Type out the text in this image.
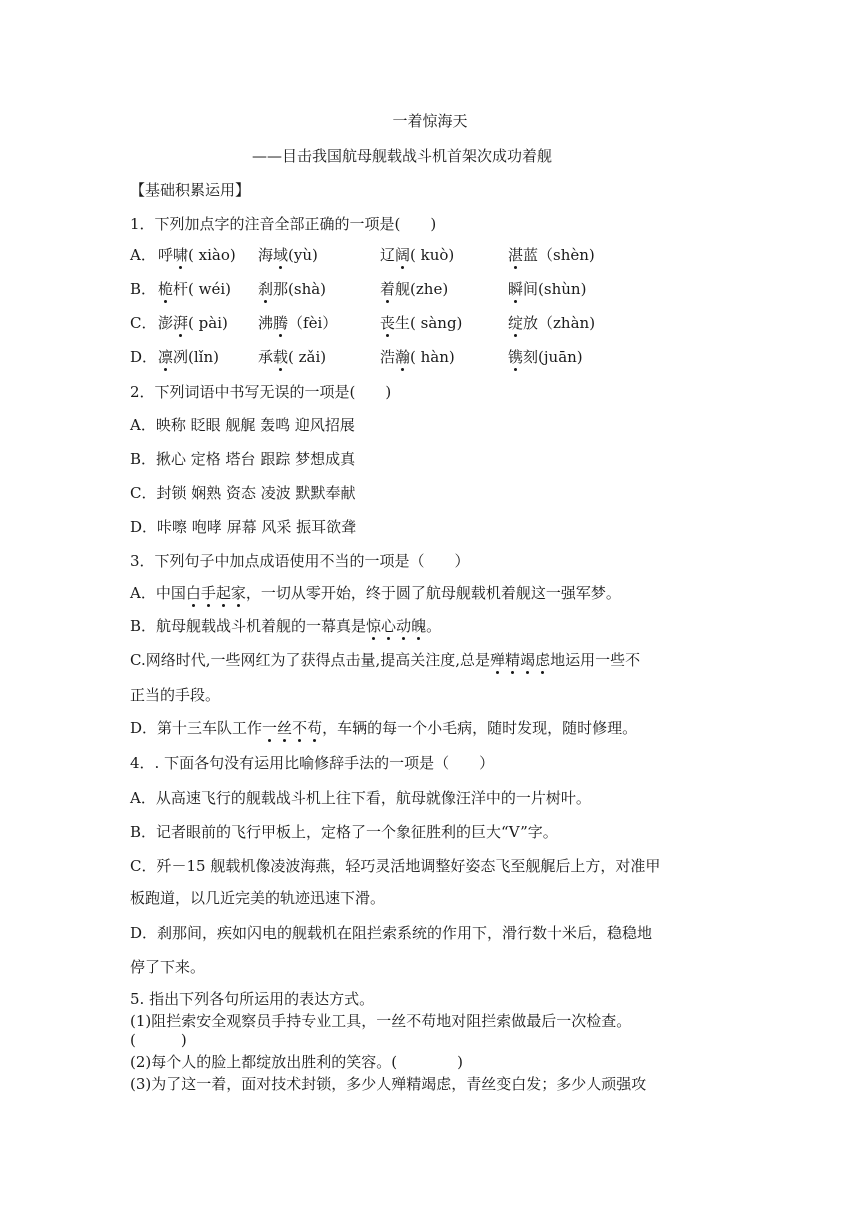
一着惊海天
——目击我国航母舰载战斗机首架次成功着舰
【基础积累运用】
1．下列加点字的注音全部正确的一项是(　　)
A． 呼啸( xiào) 海域(yù)	辽阔( kuò)	湛蓝（shèn)
B． 桅杆( wéi) 刹那(shà)	着舰(zhe)	瞬间(shùn)
C． 澎湃( pài) 沸腾（fèi）	丧生( sàng)	绽放（zhàn)
D． 凛冽(lǐn)	承载( zǎi)	浩瀚( hàn)	镌刻(juān)
2．下列词语中书写无误的一项是(　　)
A．映称 眨眼 舰艉 轰鸣 迎风招展
B．揪心 定格 塔台 跟踪 梦想成真
C．封锁 娴熟 资态 凌波 默默奉献
D．咔嚓 咆哮 屏幕 风采 振耳欲聋
3．下列句子中加点成语使用不当的一项是（　　）
A．中国白手起家，一切从零开始，终于圆了航母舰载机着舰这一强军梦。
B．航母舰载战斗机着舰的一幕真是惊心动魄。
C.网络时代,一些网红为了获得点击量,提高关注度,总是殚精竭虑地运用一些不
正当的手段。
D．第十三车队工作一丝不苟，车辆的每一个小毛病，随时发现，随时修理。
4．. 下面各句没有运用比喻修辞手法的一项是（　　）
A．从高速飞行的舰载战斗机上往下看，航母就像汪洋中的一片树叶。
B．记者眼前的飞行甲板上，定格了一个象征胜利的巨大“V”字。
C．歼－15 舰载机像凌波海燕，轻巧灵活地调整好姿态飞至舰艉后上方，对准甲
板跑道，以几近完美的轨迹迅速下滑。
D．刹那间，疾如闪电的舰载机在阻拦索系统的作用下，滑行数十米后，稳稳地
停了下来。
5. 指出下列各句所运用的表达方式。
(1)阻拦索安全观察员手持专业工具，一丝不苟地对阻拦索做最后一次检查。
(　　　)
(2)每个人的脸上都绽放出胜利的笑容。(　　　　)
(3)为了这一着，面对技术封锁，多少人殚精竭虑，青丝变白发；多少人顽强攻
